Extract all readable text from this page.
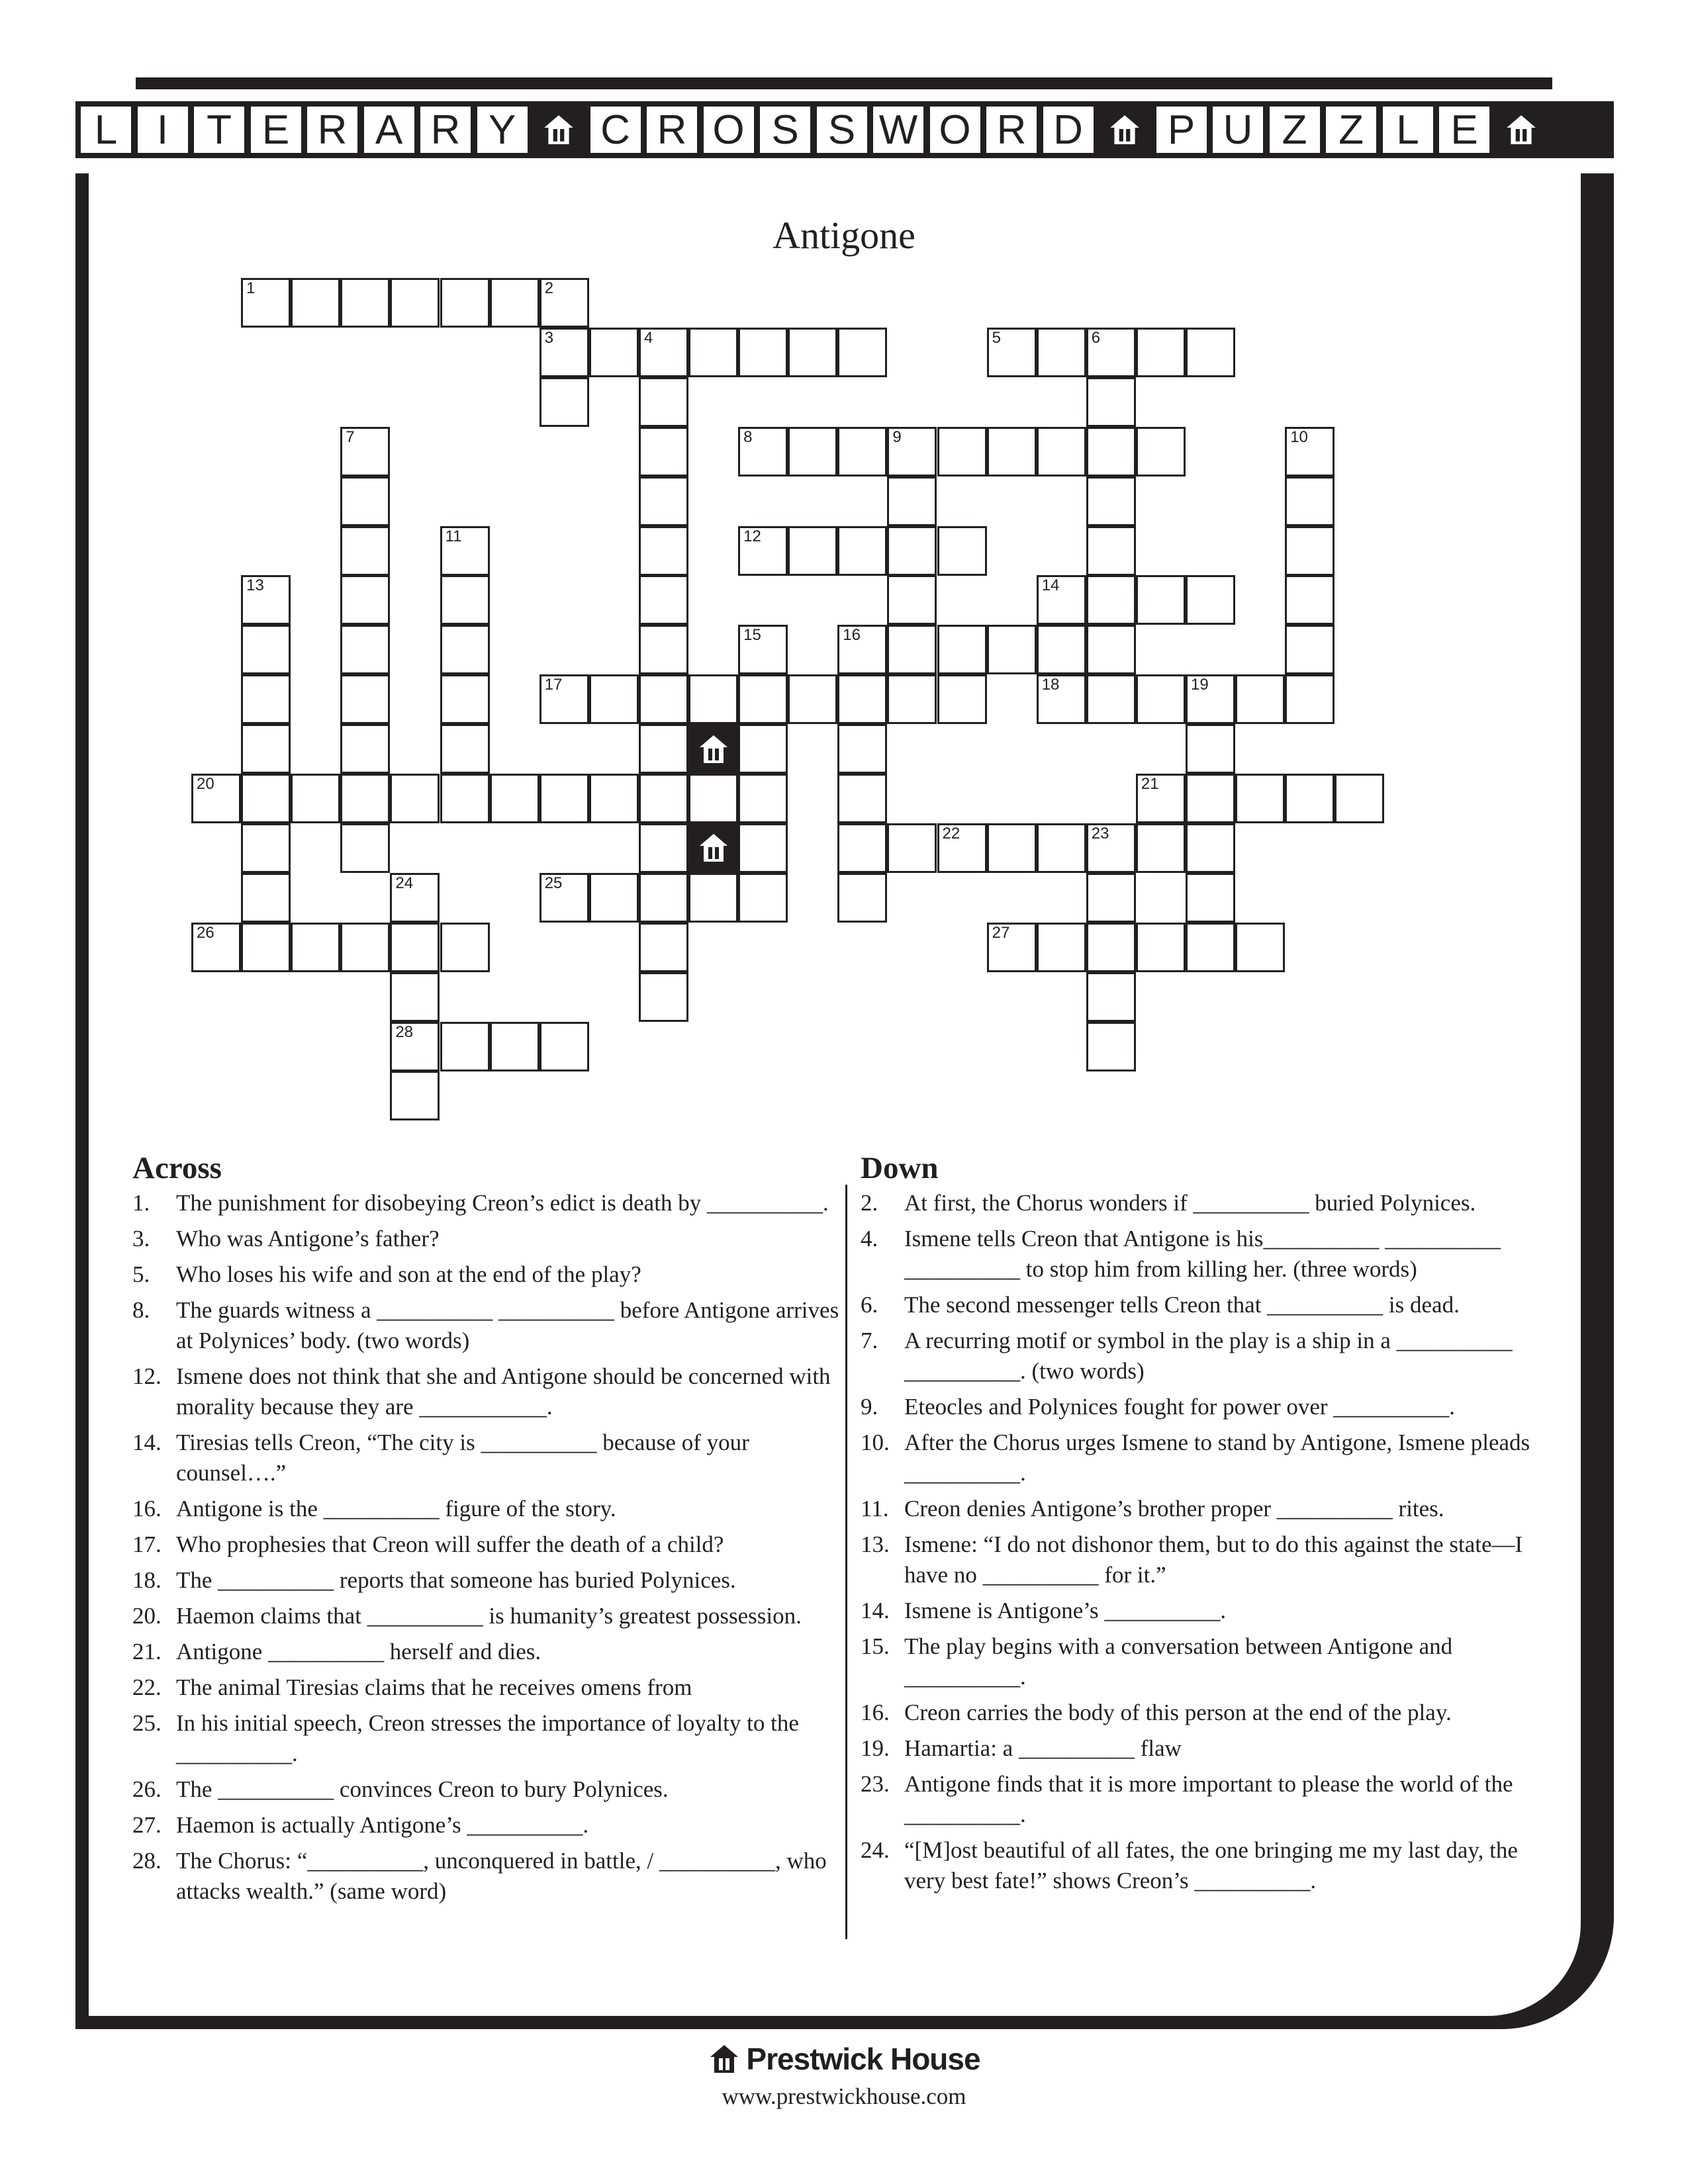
L I T E R A R Y C R O S S W O R D P U Z Z L E
Antigone
1	2
3	4	5	6
7	8	9	10
11	12
13	14
15	16
17	18	19
20	21
22	23
24
28
25
26	27
Across
1. The punishment for disobeying Creon’s edict is death by __________.
3. Who was Antigone’s father?
5. Who loses his wife and son at the end of the play?
8. The guards witness a __________ __________ before Antigone arrives at Polynices’ body. (two words)
12. Ismene does not think that she and Antigone should be concerned with morality because they are ___________.
14. Tiresias tells Creon, “The city is __________ because of your counsel….”
16. Antigone is the __________ figure of the story.
17. Who prophesies that Creon will suffer the death of a child?
18. The __________ reports that someone has buried Polynices.
20. Haemon claims that __________ is humanity’s greatest possession.
21. Antigone __________ herself and dies.
22. The animal Tiresias claims that he receives omens from
25. In his initial speech, Creon stresses the importance of loyalty to the __________.
26. The __________ convinces Creon to bury Polynices.
27. Haemon is actually Antigone’s __________.
28. The Chorus: “__________, unconquered in battle, / __________, who attacks wealth.” (same word)
Down
2. At first, the Chorus wonders if __________ buried Polynices.
4. Ismene tells Creon that Antigone is his__________ __________ __________ to stop him from killing her. (three words)
6. The second messenger tells Creon that __________ is dead.
7. A recurring motif or symbol in the play is a ship in a __________ __________. (two words)
9. Eteocles and Polynices fought for power over __________.
10. After the Chorus urges Ismene to stand by Antigone, Ismene pleads __________.
11. Creon denies Antigone’s brother proper __________ rites.
13. Ismene: “I do not dishonor them, but to do this against the state—I have no __________ for it.”
14. Ismene is Antigone’s __________.
15. The play begins with a conversation between Antigone and __________.
16. Creon carries the body of this person at the end of the play.
19. Hamartia: a __________ flaw
23. Antigone finds that it is more important to please the world of the __________.
24. “[M]ost beautiful of all fates, the one bringing me my last day, the very best fate!” shows Creon’s __________.
Prestwick House
www.prestwickhouse.com
